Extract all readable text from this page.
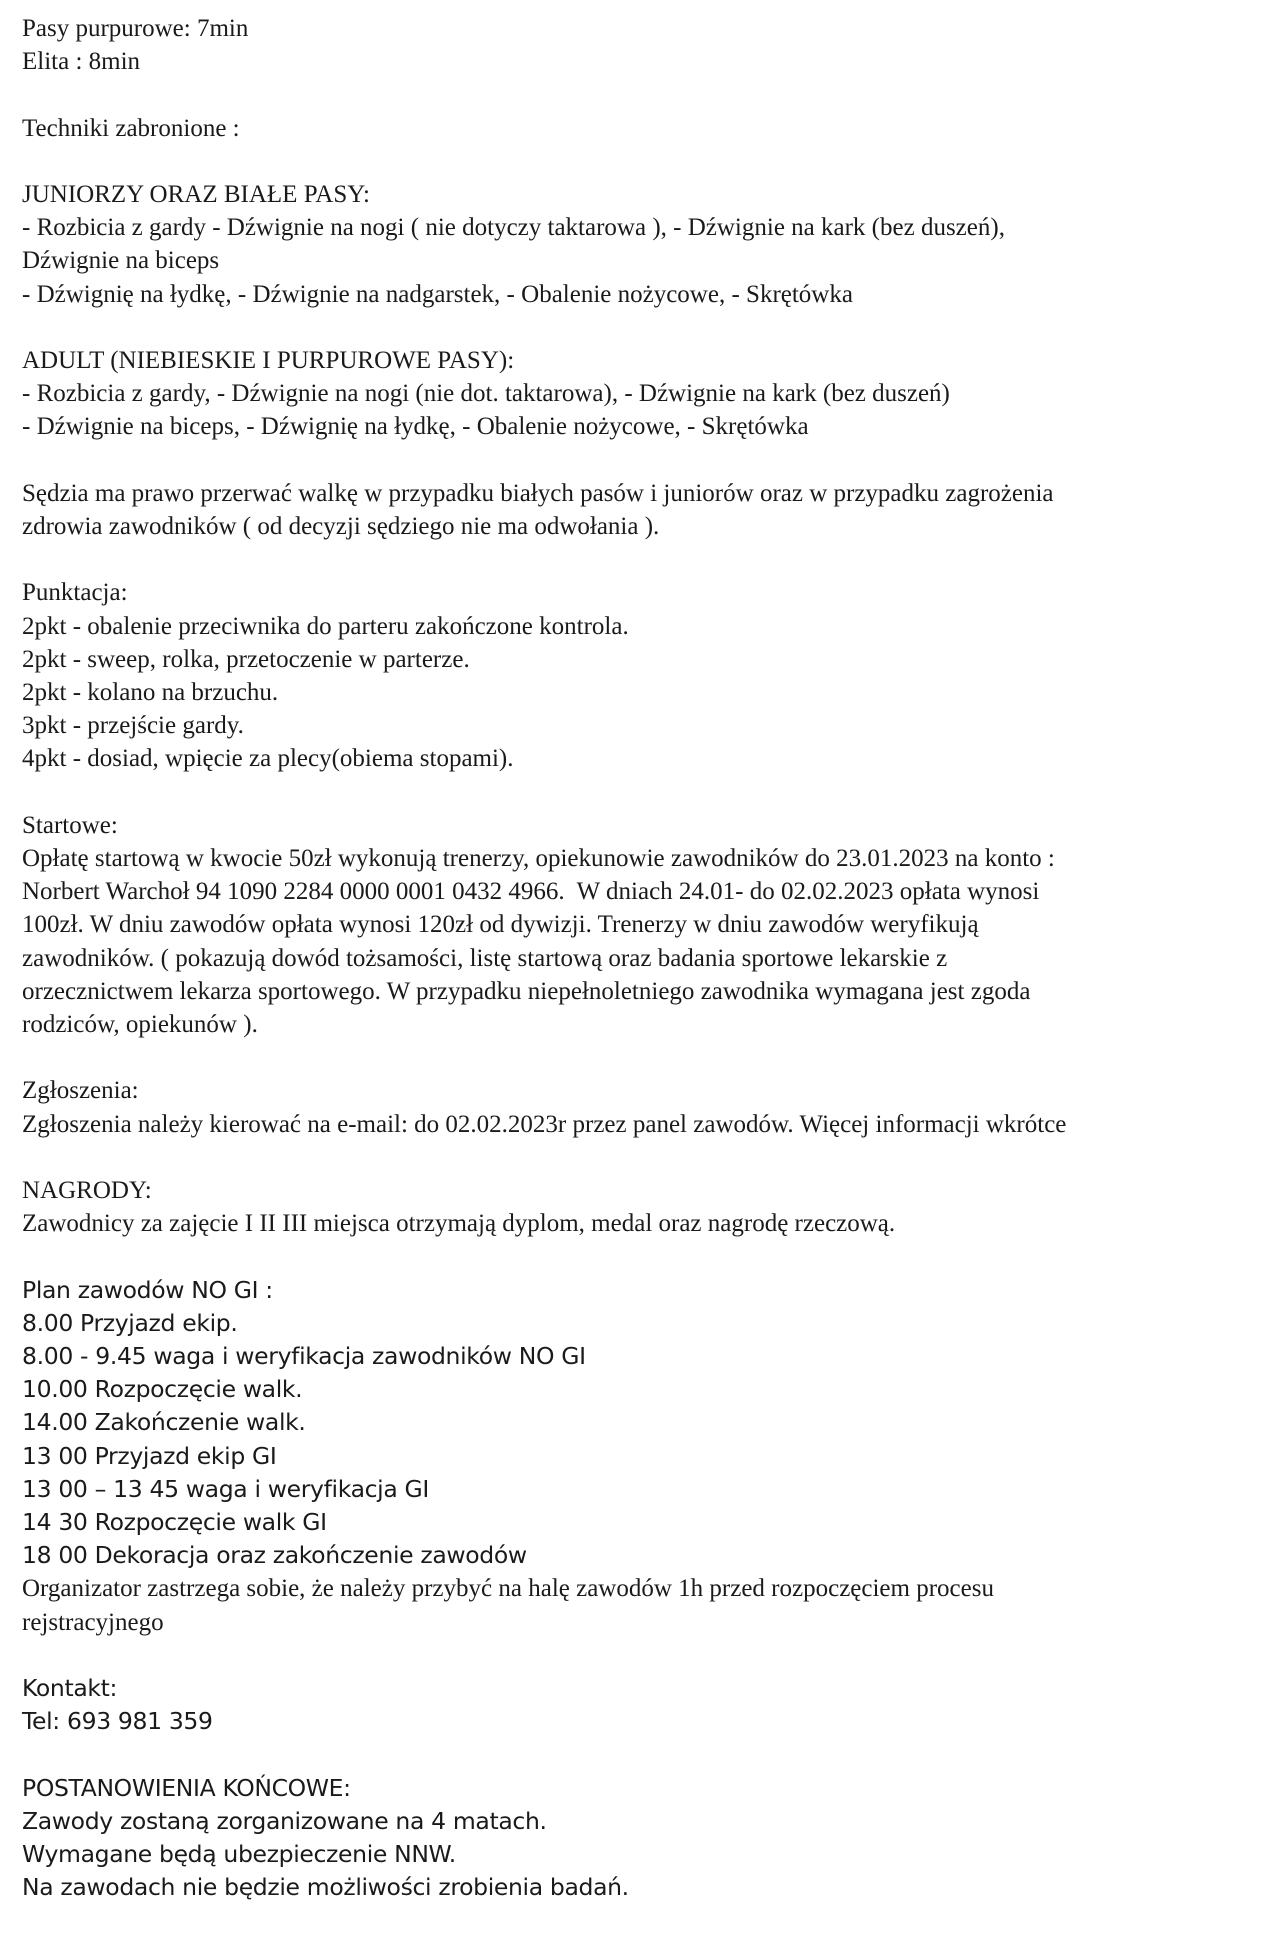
Pasy purpurowe: 7min
Elita : 8min
Techniki zabronione :
JUNIORZY ORAZ BIAŁE PASY:
- Rozbicia z gardy - Dźwignie na nogi ( nie dotyczy taktarowa ), - Dźwignie na kark (bez duszeń),
Dźwignie na biceps
- Dźwignię na łydkę, - Dźwignie na nadgarstek, - Obalenie nożycowe, - Skrętówka
ADULT (NIEBIESKIE I PURPUROWE PASY):
- Rozbicia z gardy, - Dźwignie na nogi (nie dot. taktarowa), - Dźwignie na kark (bez duszeń)
- Dźwignie na biceps, - Dźwignię na łydkę, - Obalenie nożycowe, - Skrętówka
Sędzia ma prawo przerwać walkę w przypadku białych pasów i juniorów oraz w przypadku zagrożenia
zdrowia zawodników ( od decyzji sędziego nie ma odwołania ).
Punktacja:
2pkt - obalenie przeciwnika do parteru zakończone kontrola.
2pkt - sweep, rolka, przetoczenie w parterze.
2pkt - kolano na brzuchu.
3pkt - przejście gardy.
4pkt - dosiad, wpięcie za plecy(obiema stopami).
Startowe:
Opłatę startową w kwocie 50zł wykonują trenerzy, opiekunowie zawodników do 23.01.2023 na konto :
Norbert Warchoł 94 1090 2284 0000 0001 0432 4966.  W dniach 24.01- do 02.02.2023 opłata wynosi
100zł. W dniu zawodów opłata wynosi 120zł od dywizji. Trenerzy w dniu zawodów weryfikują
zawodników. ( pokazują dowód tożsamości, listę startową oraz badania sportowe lekarskie z
orzecznictwem lekarza sportowego. W przypadku niepełnoletniego zawodnika wymagana jest zgoda
rodziców, opiekunów ).
Zgłoszenia:
Zgłoszenia należy kierować na e-mail: do 02.02.2023r przez panel zawodów. Więcej informacji wkrótce
NAGRODY:
Zawodnicy za zajęcie I II III miejsca otrzymają dyplom, medal oraz nagrodę rzeczową.
Plan zawodów NO GI :
8.00 Przyjazd ekip.
8.00 - 9.45 waga i weryfikacja zawodników NO GI
10.00 Rozpoczęcie walk.
14.00 Zakończenie walk.
13 00 Przyjazd ekip GI
13 00 – 13 45 waga i weryfikacja GI
14 30 Rozpoczęcie walk GI
18 00 Dekoracja oraz zakończenie zawodów
Organizator zastrzega sobie, że należy przybyć na halę zawodów 1h przed rozpoczęciem procesu
rejstracyjnego
Kontakt:
Tel: 693 981 359
POSTANOWIENIA KOŃCOWE:
Zawody zostaną zorganizowane na 4 matach.
Wymagane będą ubezpieczenie NNW.
Na zawodach nie będzie możliwości zrobienia badań.
